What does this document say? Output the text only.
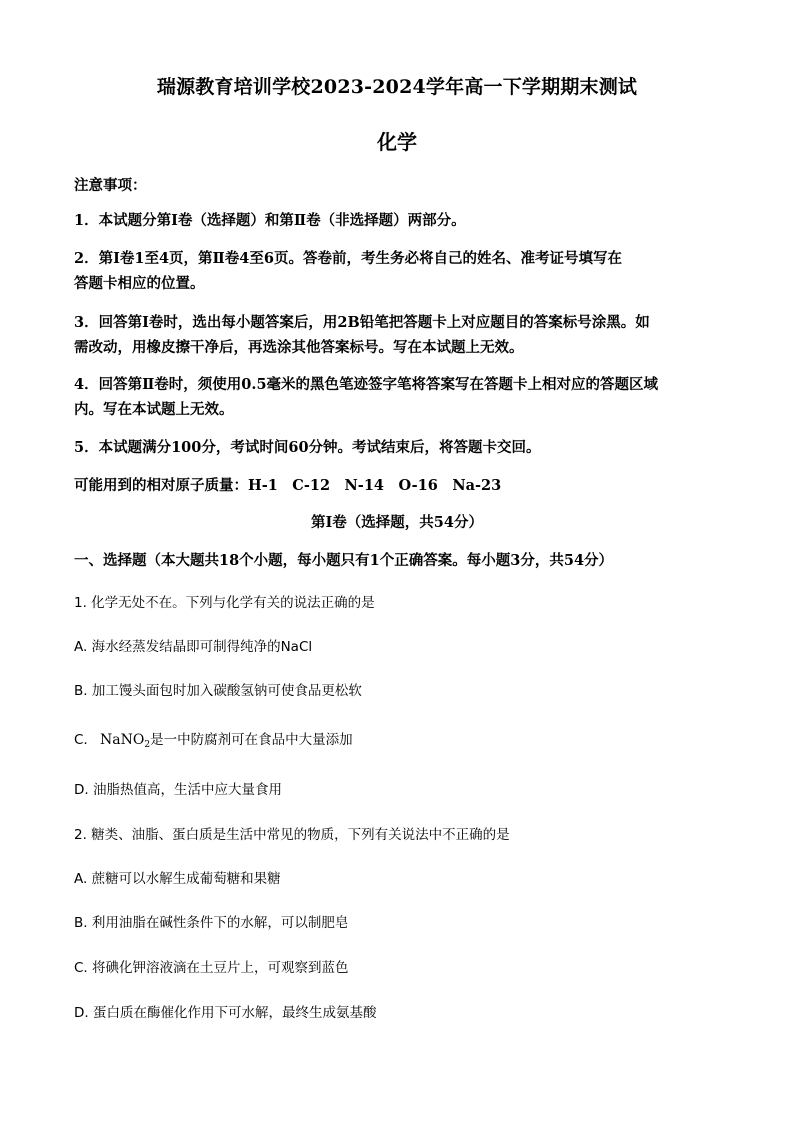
瑞源教育培训学校2023-2024学年高一下学期期末测试
化学
注意事项：
1．本试题分第Ⅰ卷（选择题）和第Ⅱ卷（非选择题）两部分。
2．第Ⅰ卷1至4页，第Ⅱ卷4至6页。答卷前，考生务必将自己的姓名、准考证号填写在
答题卡相应的位置。
3．回答第Ⅰ卷时，选出每小题答案后，用2B铅笔把答题卡上对应题目的答案标号涂黑。如
需改动，用橡皮擦干净后，再选涂其他答案标号。写在本试题上无效。
4．回答第Ⅱ卷时，须使用0.5毫米的黑色笔迹签字笔将答案写在答题卡上相对应的答题区域
内。写在本试题上无效。
5．本试题满分100分，考试时间60分钟。考试结束后，将答题卡交回。
可能用到的相对原子质量：H-1　C-12　N-14　O-16　Na-23
第Ⅰ卷（选择题，共54分）
一、选择题（本大题共18个小题，每小题只有1个正确答案。每小题3分，共54分）
1. 化学无处不在。下列与化学有关的说法正确的是
A. 海水经蒸发结晶即可制得纯净的NaCl
B. 加工馒头面包时加入碳酸氢钠可使食品更松软
C. NaNO$_2$是一中防腐剂可在食品中大量添加
D. 油脂热值高，生活中应大量食用
2. 糖类、油脂、蛋白质是生活中常见的物质，下列有关说法中不正确的是
A. 蔗糖可以水解生成葡萄糖和果糖
B. 利用油脂在碱性条件下的水解，可以制肥皂
C. 将碘化钾溶液滴在土豆片上，可观察到蓝色
D. 蛋白质在酶催化作用下可水解，最终生成氨基酸
